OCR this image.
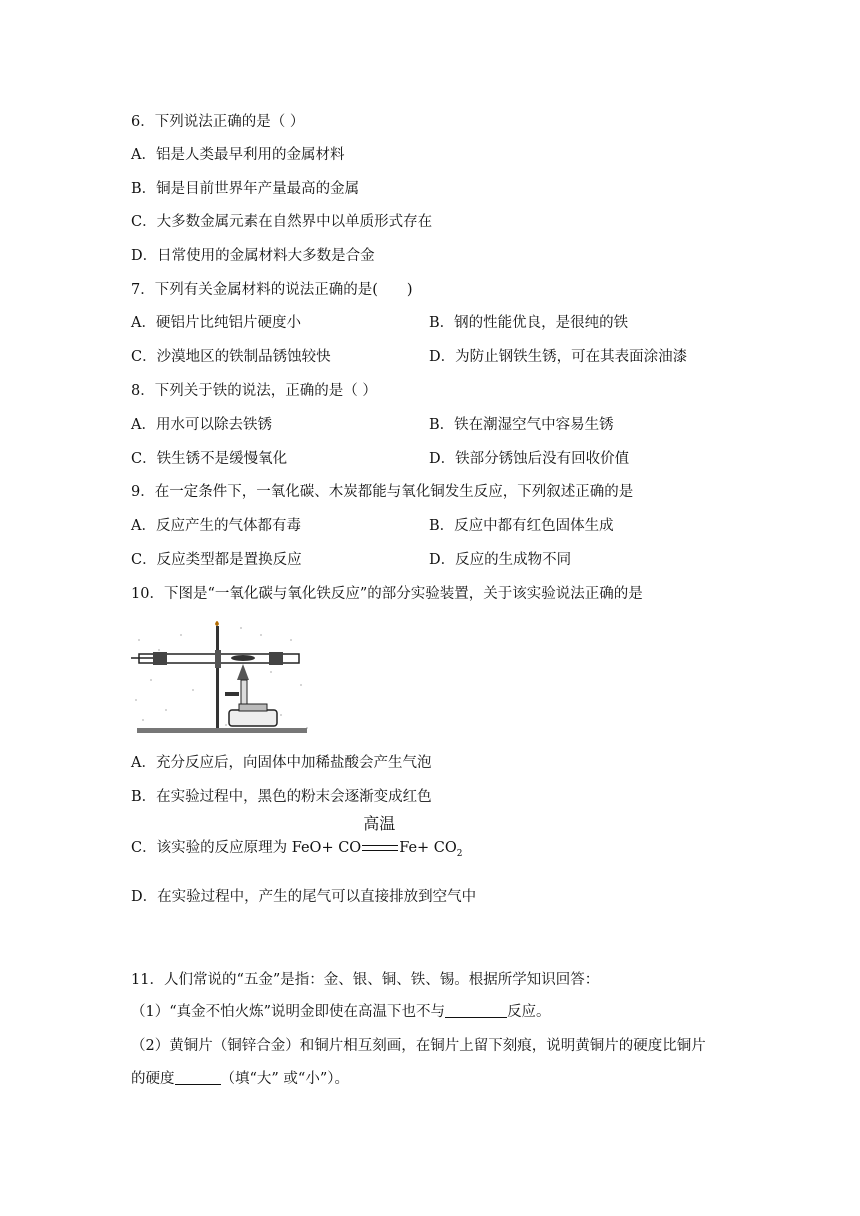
6．下列说法正确的是（ ）
A．铝是人类最早利用的金属材料
B．铜是目前世界年产量最高的金属
C．大多数金属元素在自然界中以单质形式存在
D．日常使用的金属材料大多数是合金
7．下列有关金属材料的说法正确的是(　　)
A．硬铝片比纯铝片硬度小	B．钢的性能优良，是很纯的铁
C．沙漠地区的铁制品锈蚀较快	D．为防止钢铁生锈，可在其表面涂油漆
8．下列关于铁的说法，正确的是（ ）
A．用水可以除去铁锈	B．铁在潮湿空气中容易生锈
C．铁生锈不是缓慢氧化	D．铁部分锈蚀后没有回收价值
9．在一定条件下，一氧化碳、木炭都能与氧化铜发生反应，下列叙述正确的是
A．反应产生的气体都有毒	B．反应中都有红色固体生成
C．反应类型都是置换反应	D．反应的生成物不同
10．下图是“一氧化碳与氧化铁反应”的部分实验装置，关于该实验说法正确的是
A．充分反应后，向固体中加稀盐酸会产生气泡
B．在实验过程中，黑色的粉末会逐渐变成红色
C．该实验的反应原理为 FeO+ CO
高温
$Fe+ CO_2$
D．在实验过程中，产生的尾气可以直接排放到空气中
11．人们常说的“五金”是指：金、银、铜、铁、锡。根据所学知识回答：
（1）“真金不怕火炼”说明金即使在高温下也不与	反应。
（2）黄铜片（铜锌合金）和铜片相互刻画，在铜片上留下刻痕，说明黄铜片的硬度比铜片
的硬度	（填“大” 或“小”）。
